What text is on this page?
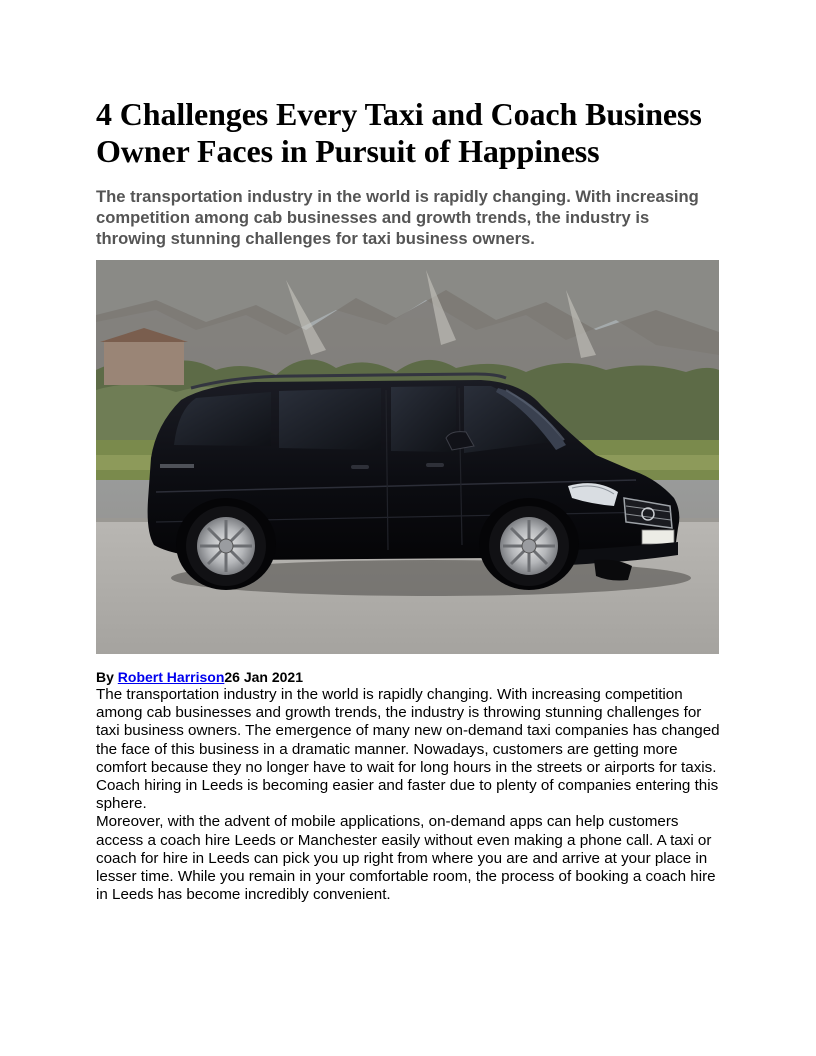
4 Challenges Every Taxi and Coach Business Owner Faces in Pursuit of Happiness

The transportation industry in the world is rapidly changing. With increasing competition among cab businesses and growth trends, the industry is throwing stunning challenges for taxi business owners.

By Robert Harrison26 Jan 2021

The transportation industry in the world is rapidly changing. With increasing competition among cab businesses and growth trends, the industry is throwing stunning challenges for taxi business owners. The emergence of many new on-demand taxi companies has changed the face of this business in a dramatic manner. Nowadays, customers are getting more comfort because they no longer have to wait for long hours in the streets or airports for taxis. Coach hiring in Leeds is becoming easier and faster due to plenty of companies entering this sphere.

Moreover, with the advent of mobile applications, on-demand apps can help customers access a coach hire Leeds or Manchester easily without even making a phone call. A taxi or coach for hire in Leeds can pick you up right from where you are and arrive at your place in lesser time. While you remain in your comfortable room, the process of booking a coach hire in Leeds has become incredibly convenient.
